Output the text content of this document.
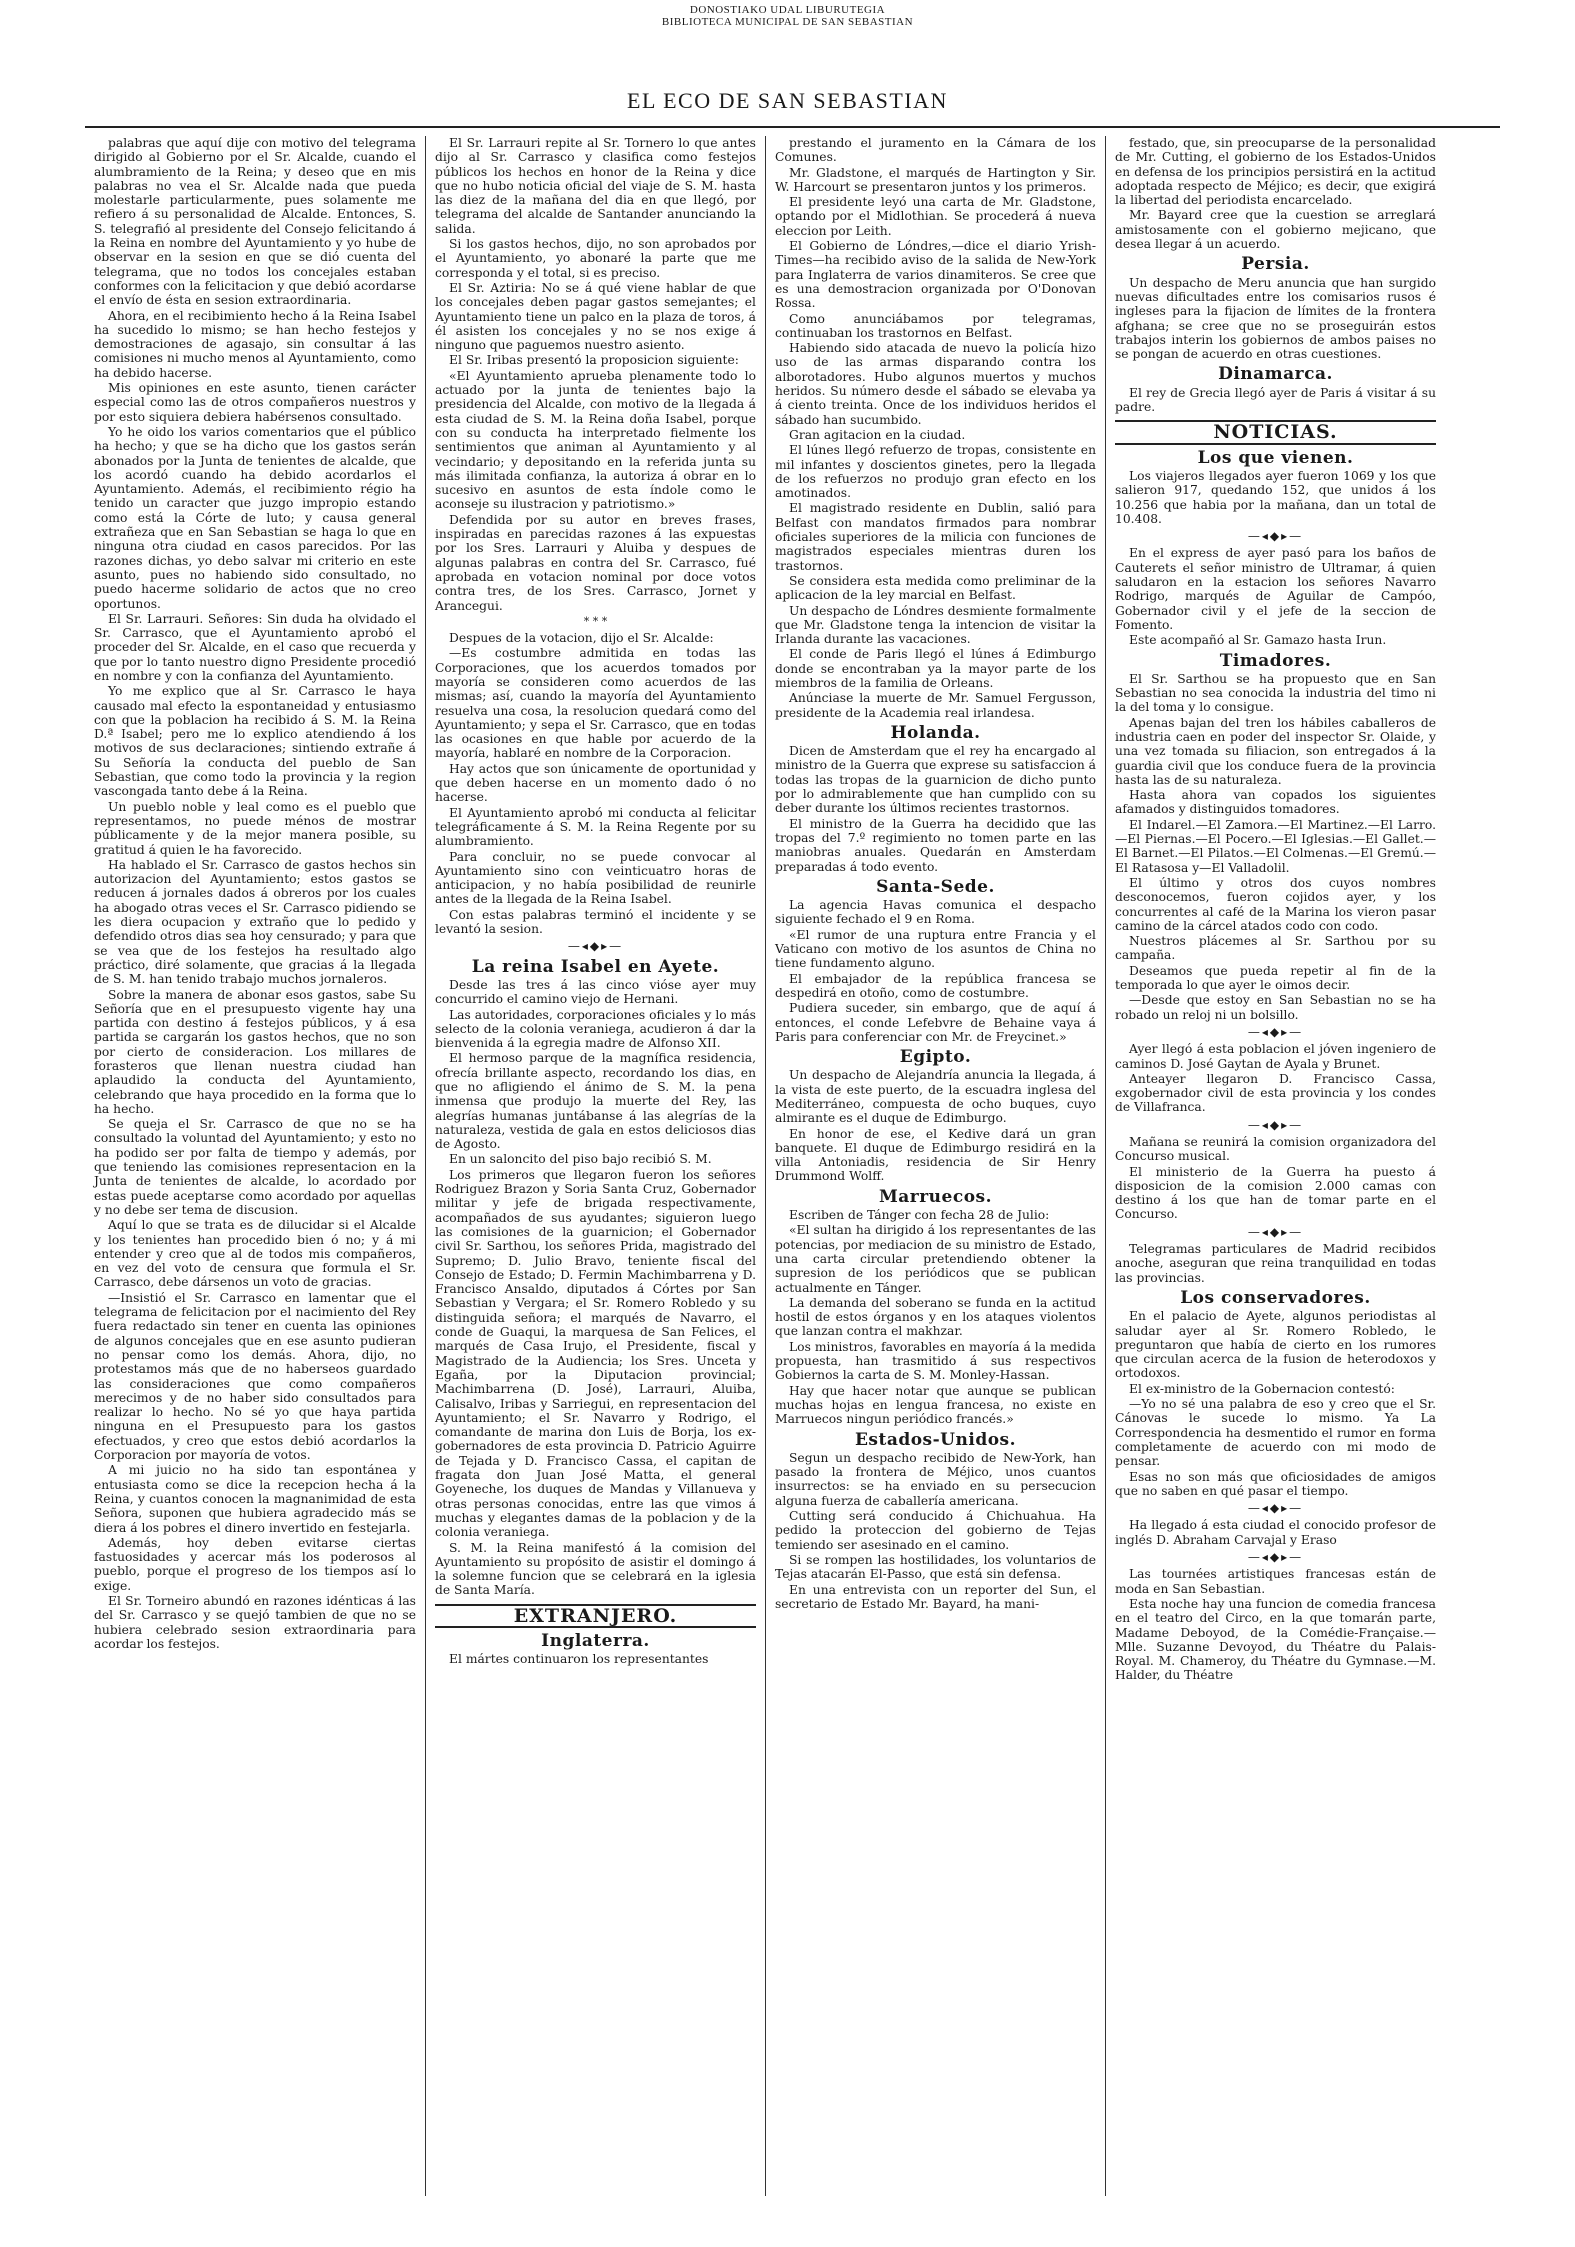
DONOSTIAKO UDAL LIBURUTEGIA
BIBLIOTECA MUNICIPAL DE SAN SEBASTIAN
EL ECO DE SAN SEBASTIAN

palabras que aquí dije con motivo del telegrama dirigido al Gobierno por el Sr. Alcalde, cuando el alumbramiento de la Reina; y deseo que en mis palabras no vea el Sr. Alcalde nada que pueda molestarle particularmente, pues solamente me refiero á su personalidad de Alcalde. Entonces, S. S. telegrafió al presidente del Consejo felicitando á la Reina en nombre del Ayuntamiento y yo hube de observar en la sesion en que se dió cuenta del telegrama, que no todos los concejales estaban conformes con la felicitacion y que debió acordarse el envío de ésta en sesion extraordinaria.

Ahora, en el recibimiento hecho á la Reina Isabel ha sucedido lo mismo; se han hecho festejos y demostraciones de agasajo, sin consultar á las comisiones ni mucho menos al Ayuntamiento, como ha debido hacerse.

Mis opiniones en este asunto, tienen carácter especial como las de otros compañeros nuestros y por esto siquiera debiera habérsenos consultado.

Yo he oido los varios comentarios que el público ha hecho; y que se ha dicho que los gastos serán abonados por la Junta de tenientes de alcalde, que los acordó cuando ha debido acordarlos el Ayuntamiento. Además, el recibimiento régio ha tenido un caracter que juzgo impropio estando como está la Córte de luto; y causa general extrañeza que en San Sebastian se haga lo que en ninguna otra ciudad en casos parecidos. Por las razones dichas, yo debo salvar mi criterio en este asunto, pues no habiendo sido consultado, no puedo hacerme solidario de actos que no creo oportunos.

El Sr. Larrauri. Señores: Sin duda ha olvidado el Sr. Carrasco, que el Ayuntamiento aprobó el proceder del Sr. Alcalde, en el caso que recuerda y que por lo tanto nuestro digno Presidente procedió en nombre y con la confianza del Ayuntamiento.

Yo me explico que al Sr. Carrasco le haya causado mal efecto la espontaneidad y entusiasmo con que la poblacion ha recibido á S. M. la Reina D.ª Isabel; pero me lo explico atendiendo á los motivos de sus declaraciones; sintiendo extrañe á Su Señoría la conducta del pueblo de San Sebastian, que como todo la provincia y la region vascongada tanto debe á la Reina.

Un pueblo noble y leal como es el pueblo que representamos, no puede ménos de mostrar públicamente y de la mejor manera posible, su gratitud á quien le ha favorecido.

Ha hablado el Sr. Carrasco de gastos hechos sin autorizacion del Ayuntamiento; estos gastos se reducen á jornales dados á obreros por los cuales ha abogado otras veces el Sr. Carrasco pidiendo se les diera ocupacion y extraño que lo pedido y defendido otros dias sea hoy censurado; y para que se vea que de los festejos ha resultado algo práctico, diré solamente, que gracias á la llegada de S. M. han tenido trabajo muchos jornaleros.

Sobre la manera de abonar esos gastos, sabe Su Señoría que en el presupuesto vigente hay una partida con destino á festejos públicos, y á esa partida se cargarán los gastos hechos, que no son por cierto de consideracion. Los millares de forasteros que llenan nuestra ciudad han aplaudido la conducta del Ayuntamiento, celebrando que haya procedido en la forma que lo ha hecho.

Se queja el Sr. Carrasco de que no se ha consultado la voluntad del Ayuntamiento; y esto no ha podido ser por falta de tiempo y además, por que teniendo las comisiones representacion en la Junta de tenientes de alcalde, lo acordado por estas puede aceptarse como acordado por aquellas y no debe ser tema de discusion.

Aquí lo que se trata es de dilucidar si el Alcalde y los tenientes han procedido bien ó no; y á mi entender y creo que al de todos mis compañeros, en vez del voto de censura que formula el Sr. Carrasco, debe dársenos un voto de gracias.

—Insistió el Sr. Carrasco en lamentar que el telegrama de felicitacion por el nacimiento del Rey fuera redactado sin tener en cuenta las opiniones de algunos concejales que en ese asunto pudieran no pensar como los demás. Ahora, dijo, no protestamos más que de no haberseos guardado las consideraciones que como compañeros merecimos y de no haber sido consultados para realizar lo hecho. No sé yo que haya partida ninguna en el Presupuesto para los gastos efectuados, y creo que estos debió acordarlos la Corporacion por mayoría de votos.

A mi juicio no ha sido tan espontánea y entusiasta como se dice la recepcion hecha á la Reina, y cuantos conocen la magnanimidad de esta Señora, suponen que hubiera agradecido más se diera á los pobres el dinero invertido en festejarla.

Además, hoy deben evitarse ciertas fastuosidades y acercar más los poderosos al pueblo, porque el progreso de los tiempos así lo exige.

El Sr. Torneiro abundó en razones idénticas á las del Sr. Carrasco y se quejó tambien de que no se hubiera celebrado sesion extraordinaria para acordar los festejos.

El Sr. Larrauri repite al Sr. Tornero lo que antes dijo al Sr. Carrasco y clasifica como festejos públicos los hechos en honor de la Reina y dice que no hubo noticia oficial del viaje de S. M. hasta las diez de la mañana del dia en que llegó, por telegrama del alcalde de Santander anunciando la salida.

Si los gastos hechos, dijo, no son aprobados por el Ayuntamiento, yo abonaré la parte que me corresponda y el total, si es preciso.

El Sr. Aztiria: No se á qué viene hablar de que los concejales deben pagar gastos semejantes; el Ayuntamiento tiene un palco en la plaza de toros, á él asisten los concejales y no se nos exige á ninguno que paguemos nuestro asiento.

El Sr. Iribas presentó la proposicion siguiente:

«El Ayuntamiento aprueba plenamente todo lo actuado por la junta de tenientes bajo la presidencia del Alcalde, con motivo de la llegada á esta ciudad de S. M. la Reina doña Isabel, porque con su conducta ha interpretado fielmente los sentimientos que animan al Ayuntamiento y al vecindario; y depositando en la referida junta su más ilimitada confianza, la autoriza á obrar en lo sucesivo en asuntos de esta índole como le aconseje su ilustracion y patriotismo.»

Defendida por su autor en breves frases, inspiradas en parecidas razones á las expuestas por los Sres. Larrauri y Aluiba y despues de algunas palabras en contra del Sr. Carrasco, fué aprobada en votacion nominal por doce votos contra tres, de los Sres. Carrasco, Jornet y Arancegui.

* * *

Despues de la votacion, dijo el Sr. Alcalde:

—Es costumbre admitida en todas las Corporaciones, que los acuerdos tomados por mayoría se consideren como acuerdos de las mismas; así, cuando la mayoría del Ayuntamiento resuelva una cosa, la resolucion quedará como del Ayuntamiento; y sepa el Sr. Carrasco, que en todas las ocasiones en que hable por acuerdo de la mayoría, hablaré en nombre de la Corporacion.

Hay actos que son únicamente de oportunidad y que deben hacerse en un momento dado ó no hacerse.

El Ayuntamiento aprobó mi conducta al felicitar telegráficamente á S. M. la Reina Regente por su alumbramiento.

Para concluir, no se puede convocar al Ayuntamiento sino con veinticuatro horas de anticipacion, y no había posibilidad de reunirle antes de la llegada de la Reina Isabel.

Con estas palabras terminó el incidente y se levantó la sesion.

—◂◆▸—
La reina Isabel en Ayete.

Desde las tres á las cinco vióse ayer muy concurrido el camino viejo de Hernani.

Las autoridades, corporaciones oficiales y lo más selecto de la colonia veraniega, acudieron á dar la bienvenida á la egregia madre de Alfonso XII.

El hermoso parque de la magnífica residencia, ofrecía brillante aspecto, recordando los dias, en que no afligiendo el ánimo de S. M. la pena inmensa que produjo la muerte del Rey, las alegrías humanas juntábanse á las alegrías de la naturaleza, vestida de gala en estos deliciosos dias de Agosto.

En un saloncito del piso bajo recibió S. M.

Los primeros que llegaron fueron los señores Rodriguez Brazon y Soria Santa Cruz, Gobernador militar y jefe de brigada respectivamente, acompañados de sus ayudantes; siguieron luego las comisiones de la guarnicion; el Gobernador civil Sr. Sarthou, los señores Prida, magistrado del Supremo; D. Julio Bravo, teniente fiscal del Consejo de Estado; D. Fermin Machimbarrena y D. Francisco Ansaldo, diputados á Córtes por San Sebastian y Vergara; el Sr. Romero Robledo y su distinguida señora; el marqués de Navarro, el conde de Guaqui, la marquesa de San Felices, el marqués de Casa Irujo, el Presidente, fiscal y Magistrado de la Audiencia; los Sres. Unceta y Egaña, por la Diputacion provincial; Machimbarrena (D. José), Larrauri, Aluiba, Calisalvo, Iribas y Sarriegui, en representacion del Ayuntamiento; el Sr. Navarro y Rodrigo, el comandante de marina don Luis de Borja, los ex-gobernadores de esta provincia D. Patricio Aguirre de Tejada y D. Francisco Cassa, el capitan de fragata don Juan José Matta, el general Goyeneche, los duques de Mandas y Villanueva y otras personas conocidas, entre las que vimos á muchas y elegantes damas de la poblacion y de la colonia veraniega.

S. M. la Reina manifestó á la comision del Ayuntamiento su propósito de asistir el domingo á la solemne funcion que se celebrará en la iglesia de Santa María.

EXTRANJERO.
Inglaterra.

El mártes continuaron los representantes

prestando el juramento en la Cámara de los Comunes.

Mr. Gladstone, el marqués de Hartington y Sir. W. Harcourt se presentaron juntos y los primeros.

El presidente leyó una carta de Mr. Gladstone, optando por el Midlothian. Se procederá á nueva eleccion por Leith.

El Gobierno de Lóndres,—dice el diario Yrish-Times—ha recibido aviso de la salida de New-York para Inglaterra de varios dinamiteros. Se cree que es una demostracion organizada por O'Donovan Rossa.

Como anunciábamos por telegramas, continuaban los trastornos en Belfast.

Habiendo sido atacada de nuevo la policía hizo uso de las armas disparando contra los alborotadores. Hubo algunos muertos y muchos heridos. Su número desde el sábado se elevaba ya á ciento treinta. Once de los individuos heridos el sábado han sucumbido.

Gran agitacion en la ciudad.

El lúnes llegó refuerzo de tropas, consistente en mil infantes y doscientos ginetes, pero la llegada de los refuerzos no produjo gran efecto en los amotinados.

El magistrado residente en Dublin, salió para Belfast con mandatos firmados para nombrar oficiales superiores de la milicia con funciones de magistrados especiales mientras duren los trastornos.

Se considera esta medida como preliminar de la aplicacion de la ley marcial en Belfast.

Un despacho de Lóndres desmiente formalmente que Mr. Gladstone tenga la intencion de visitar la Irlanda durante las vacaciones.

El conde de Paris llegó el lúnes á Edimburgo donde se encontraban ya la mayor parte de los miembros de la familia de Orleans.

Anúnciase la muerte de Mr. Samuel Fergusson, presidente de la Academia real irlandesa.

Holanda.

Dicen de Amsterdam que el rey ha encargado al ministro de la Guerra que exprese su satisfaccion á todas las tropas de la guarnicion de dicho punto por lo admirablemente que han cumplido con su deber durante los últimos recientes trastornos.

El ministro de la Guerra ha decidido que las tropas del 7.º regimiento no tomen parte en las maniobras anuales. Quedarán en Amsterdam preparadas á todo evento.

Santa-Sede.

La agencia Havas comunica el despacho siguiente fechado el 9 en Roma.

«El rumor de una ruptura entre Francia y el Vaticano con motivo de los asuntos de China no tiene fundamento alguno.

El embajador de la república francesa se despedirá en otoño, como de costumbre.

Pudiera suceder, sin embargo, que de aquí á entonces, el conde Lefebvre de Behaine vaya á Paris para conferenciar con Mr. de Freycinet.»

Egipto.

Un despacho de Alejandría anuncia la llegada, á la vista de este puerto, de la escuadra inglesa del Mediterráneo, compuesta de ocho buques, cuyo almirante es el duque de Edimburgo.

En honor de ese, el Kedive dará un gran banquete. El duque de Edimburgo residirá en la villa Antoniadis, residencia de Sir Henry Drummond Wolff.

Marruecos.

Escriben de Tánger con fecha 28 de Julio:

«El sultan ha dirigido á los representantes de las potencias, por mediacion de su ministro de Estado, una carta circular pretendiendo obtener la supresion de los periódicos que se publican actualmente en Tánger.

La demanda del soberano se funda en la actitud hostil de estos órganos y en los ataques violentos que lanzan contra el makhzar.

Los ministros, favorables en mayoría á la medida propuesta, han trasmitido á sus respectivos Gobiernos la carta de S. M. Monley-Hassan.

Hay que hacer notar que aunque se publican muchas hojas en lengua francesa, no existe en Marruecos ningun periódico francés.»

Estados-Unidos.

Segun un despacho recibido de New-York, han pasado la frontera de Méjico, unos cuantos insurrectos: se ha enviado en su persecucion alguna fuerza de caballería americana.

Cutting será conducido á Chichuahua. Ha pedido la proteccion del gobierno de Tejas temiendo ser asesinado en el camino.

Si se rompen las hostilidades, los voluntarios de Tejas atacarán El-Passo, que está sin defensa.

En una entrevista con un reporter del Sun, el secretario de Estado Mr. Bayard, ha mani-

festado, que, sin preocuparse de la personalidad de Mr. Cutting, el gobierno de los Estados-Unidos en defensa de los principios persistirá en la actitud adoptada respecto de Méjico; es decir, que exigirá la libertad del periodista encarcelado.

Mr. Bayard cree que la cuestion se arreglará amistosamente con el gobierno mejicano, que desea llegar á un acuerdo.

Persia.

Un despacho de Meru anuncia que han surgido nuevas dificultades entre los comisarios rusos é ingleses para la fijacion de límites de la frontera afghana; se cree que no se proseguirán estos trabajos interin los gobiernos de ambos paises no se pongan de acuerdo en otras cuestiones.

Dinamarca.

El rey de Grecia llegó ayer de Paris á visitar á su padre.

NOTICIAS.
Los que vienen.

Los viajeros llegados ayer fueron 1069 y los que salieron 917, quedando 152, que unidos á los 10.256 que habia por la mañana, dan un total de 10.408.

—◂◆▸—

En el express de ayer pasó para los baños de Cauterets el señor ministro de Ultramar, á quien saludaron en la estacion los señores Navarro Rodrigo, marqués de Aguilar de Campóo, Gobernador civil y el jefe de la seccion de Fomento.

Este acompañó al Sr. Gamazo hasta Irun.

Timadores.

El Sr. Sarthou se ha propuesto que en San Sebastian no sea conocida la industria del timo ni la del toma y lo consigue.

Apenas bajan del tren los hábiles caballeros de industria caen en poder del inspector Sr. Olaide, y una vez tomada su filiacion, son entregados á la guardia civil que los conduce fuera de la provincia hasta las de su naturaleza.

Hasta ahora van copados los siguientes afamados y distinguidos tomadores.

El Indarel.—El Zamora.—El Martinez.—El Larro.—El Piernas.—El Pocero.—El Iglesias.—El Gallet.—El Barnet.—El Pilatos.—El Colmenas.—El Gremú.—El Ratasosa y—El Valladolil.

El último y otros dos cuyos nombres desconocemos, fueron cojidos ayer, y los concurrentes al café de la Marina los vieron pasar camino de la cárcel atados codo con codo.

Nuestros plácemes al Sr. Sarthou por su campaña.

Deseamos que pueda repetir al fin de la temporada lo que ayer le oimos decir.

—Desde que estoy en San Sebastian no se ha robado un reloj ni un bolsillo.

—◂◆▸—

Ayer llegó á esta poblacion el jóven ingeniero de caminos D. José Gaytan de Ayala y Brunet.

Anteayer llegaron D. Francisco Cassa, exgobernador civil de esta provincia y los condes de Villafranca.

—◂◆▸—

Mañana se reunirá la comision organizadora del Concurso musical.

El ministerio de la Guerra ha puesto á disposicion de la comision 2.000 camas con destino á los que han de tomar parte en el Concurso.

—◂◆▸—

Telegramas particulares de Madrid recibidos anoche, aseguran que reina tranquilidad en todas las provincias.

Los conservadores.

En el palacio de Ayete, algunos periodistas al saludar ayer al Sr. Romero Robledo, le preguntaron que había de cierto en los rumores que circulan acerca de la fusion de heterodoxos y ortodoxos.

El ex-ministro de la Gobernacion contestó:

—Yo no sé una palabra de eso y creo que el Sr. Cánovas le sucede lo mismo. Ya La Correspondencia ha desmentido el rumor en forma completamente de acuerdo con mi modo de pensar.

Esas no son más que oficiosidades de amigos que no saben en qué pasar el tiempo.

—◂◆▸—

Ha llegado á esta ciudad el conocido profesor de inglés D. Abraham Carvajal y Eraso

—◂◆▸—

Las tournées artistiques francesas están de moda en San Sebastian.

Esta noche hay una funcion de comedia francesa en el teatro del Circo, en la que tomarán parte, Madame Deboyod, de la Comédie-Française.—Mlle. Suzanne Devoyod, du Théatre du Palais-Royal. M. Chameroy, du Théatre du Gymnase.—M. Halder, du Théatre
